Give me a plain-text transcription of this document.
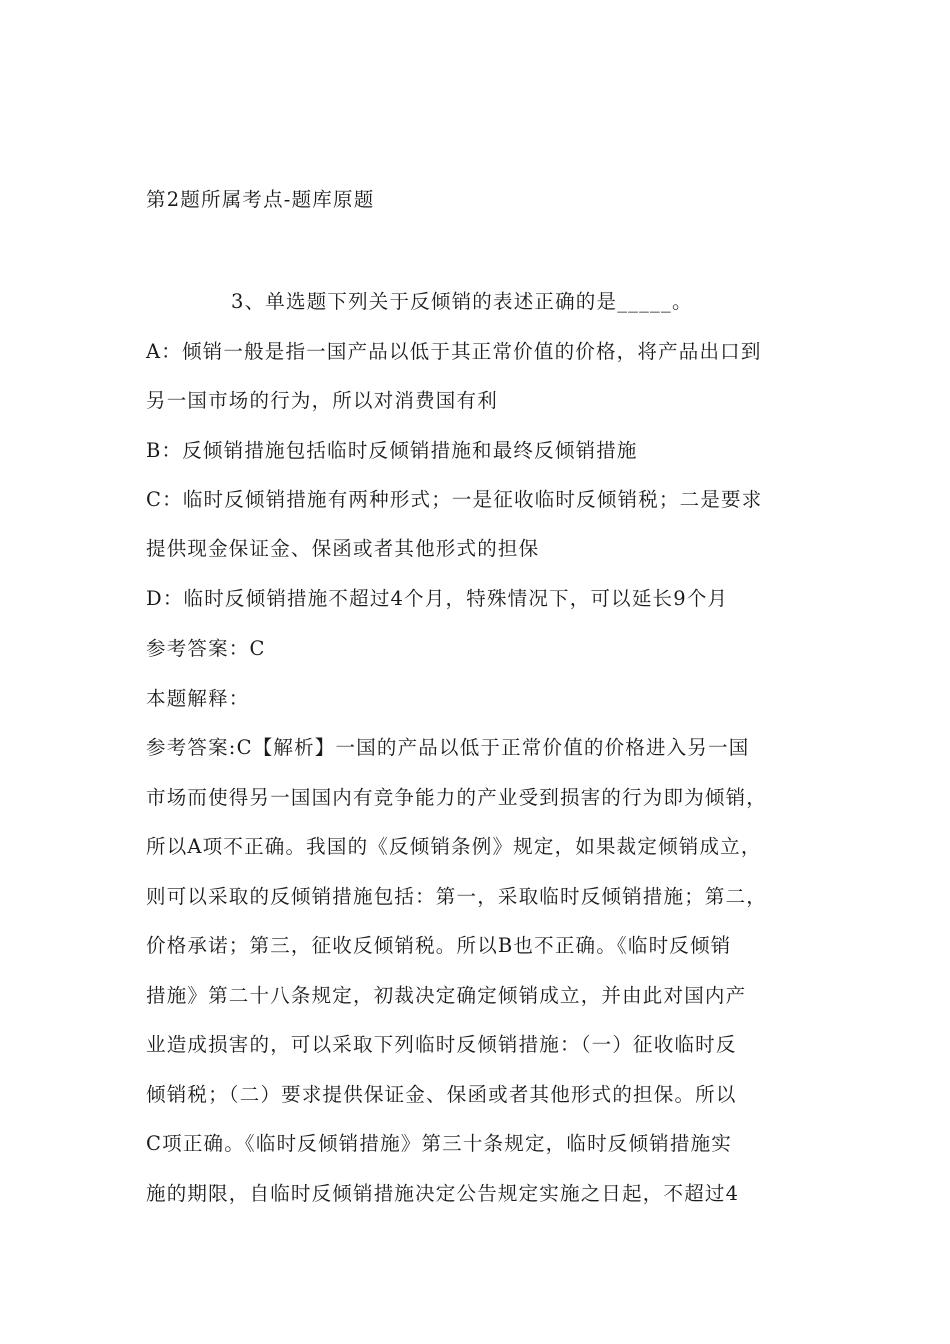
第2题所属考点-题库原题
3、单选题下列关于反倾销的表述正确的是_____。
A：倾销一般是指一国产品以低于其正常价值的价格，将产品出口到
另一国市场的行为，所以对消费国有利
B：反倾销措施包括临时反倾销措施和最终反倾销措施
C：临时反倾销措施有两种形式；一是征收临时反倾销税；二是要求
提供现金保证金、保函或者其他形式的担保
D：临时反倾销措施不超过4个月，特殊情况下，可以延长9个月
参考答案：C
本题解释：
参考答案:C【解析】一国的产品以低于正常价值的价格进入另一国
市场而使得另一国国内有竞争能力的产业受到损害的行为即为倾销，
所以A项不正确。我国的《反倾销条例》规定，如果裁定倾销成立，
则可以采取的反倾销措施包括：第一，采取临时反倾销措施；第二，
价格承诺；第三，征收反倾销税。所以B也不正确。《临时反倾销
措施》第二十八条规定，初裁决定确定倾销成立，并由此对国内产
业造成损害的，可以采取下列临时反倾销措施：（一）征收临时反
倾销税；（二）要求提供保证金、保函或者其他形式的担保。所以
C项正确。《临时反倾销措施》第三十条规定，临时反倾销措施实
施的期限，自临时反倾销措施决定公告规定实施之日起，不超过4
